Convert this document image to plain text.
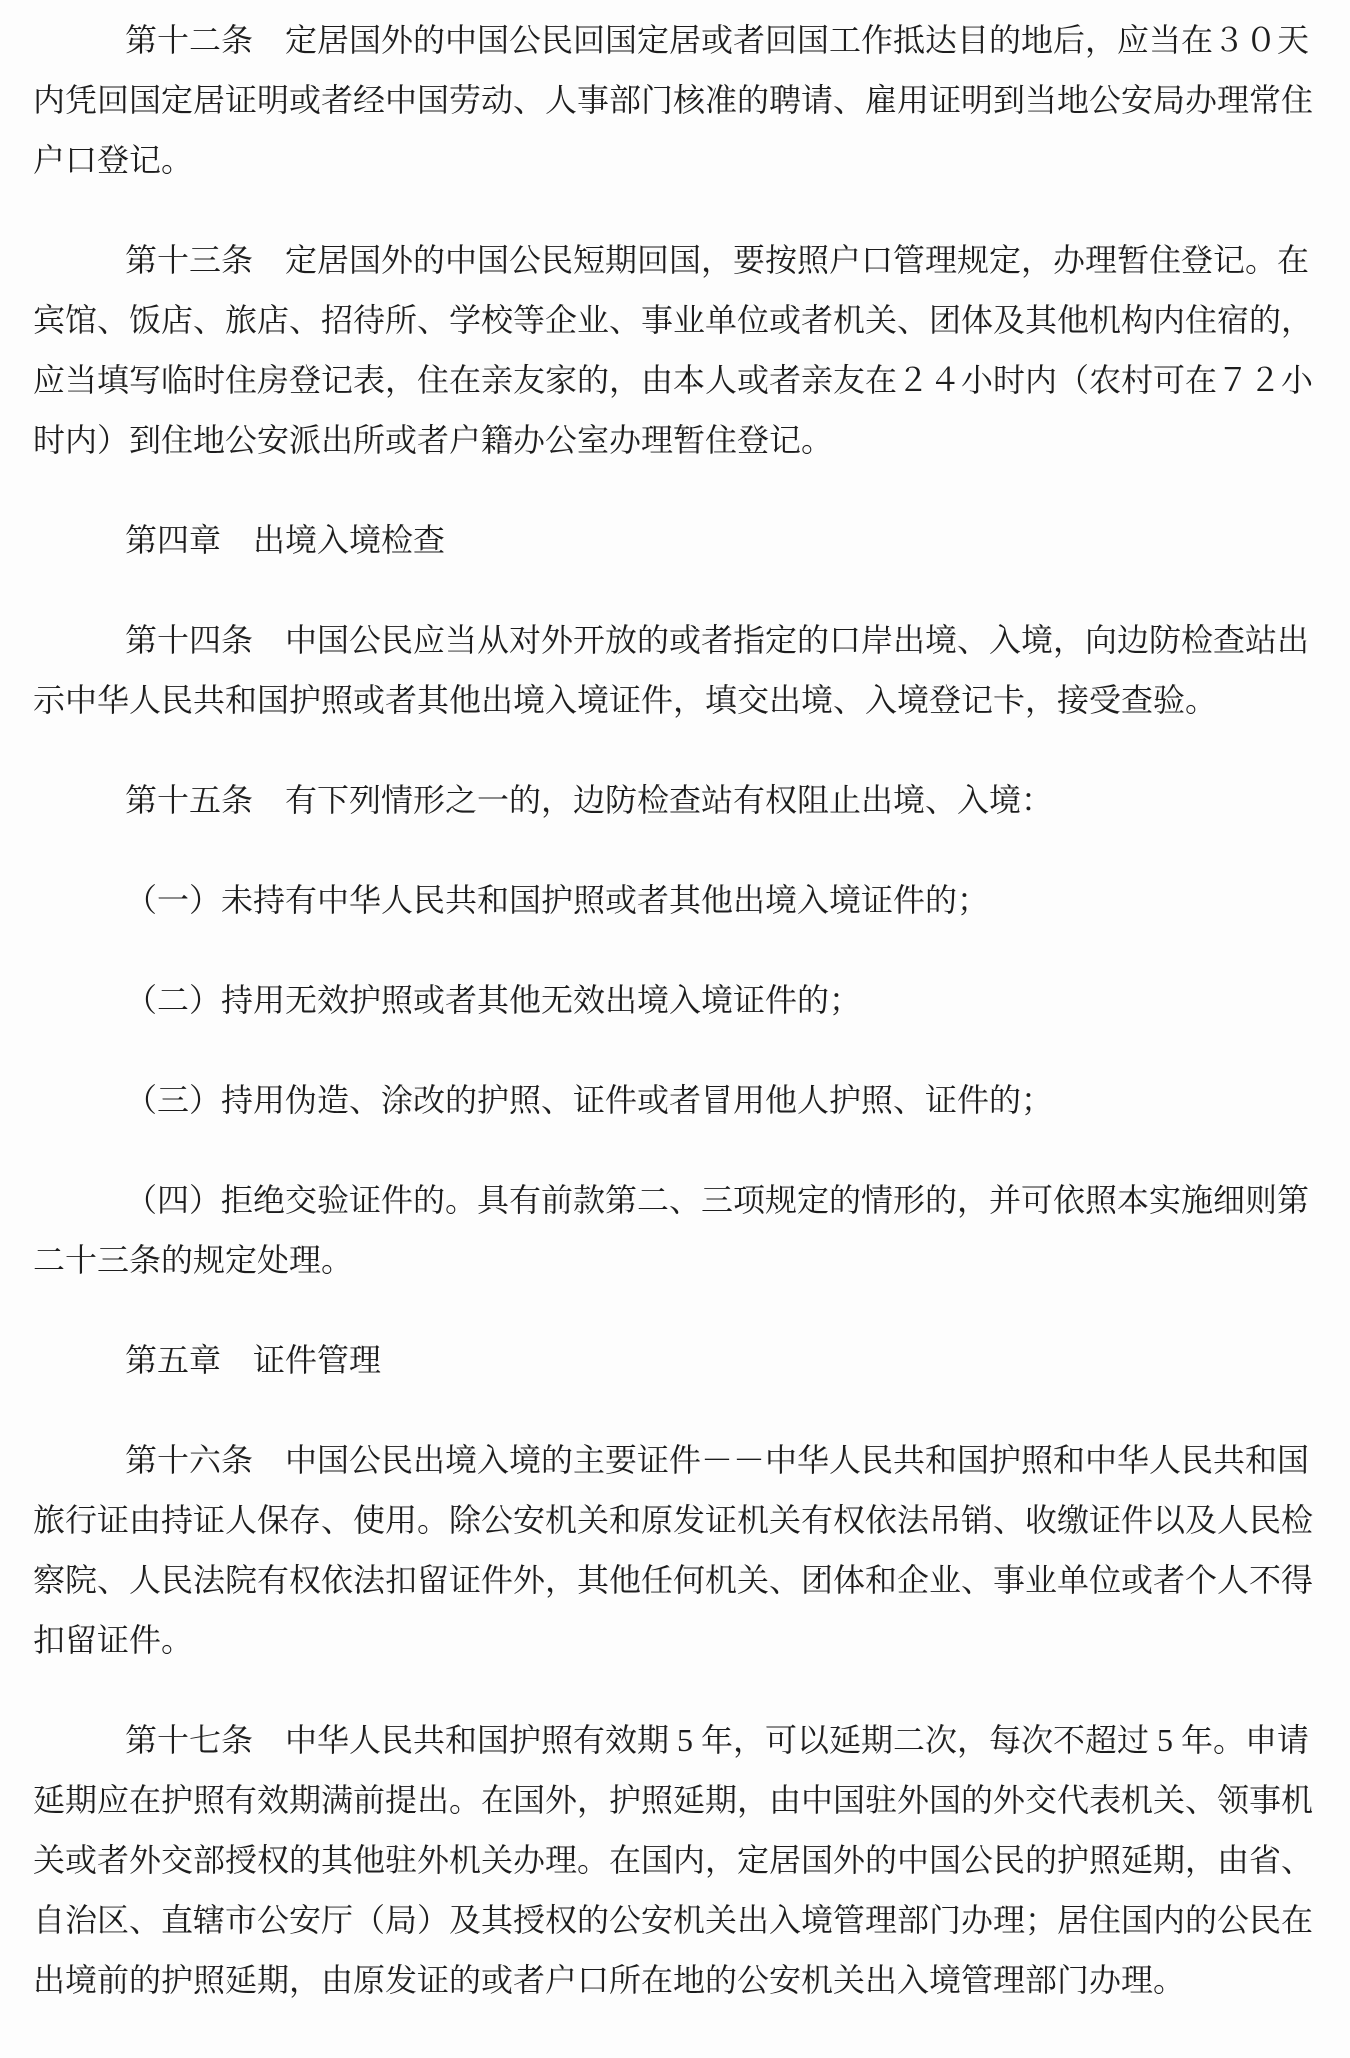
第十二条　定居国外的中国公民回国定居或者回国工作抵达目的地后，应当在３０天内凭回国定居证明或者经中国劳动、人事部门核准的聘请、雇用证明到当地公安局办理常住户口登记。

第十三条　定居国外的中国公民短期回国，要按照户口管理规定，办理暂住登记。在宾馆、饭店、旅店、招待所、学校等企业、事业单位或者机关、团体及其他机构内住宿的，应当填写临时住房登记表，住在亲友家的，由本人或者亲友在２４小时内（农村可在７２小时内）到住地公安派出所或者户籍办公室办理暂住登记。

第四章　出境入境检查

第十四条　中国公民应当从对外开放的或者指定的口岸出境、入境，向边防检查站出示中华人民共和国护照或者其他出境入境证件，填交出境、入境登记卡，接受查验。

第十五条　有下列情形之一的，边防检查站有权阻止出境、入境：

（一）未持有中华人民共和国护照或者其他出境入境证件的；

（二）持用无效护照或者其他无效出境入境证件的；

（三）持用伪造、涂改的护照、证件或者冒用他人护照、证件的；

（四）拒绝交验证件的。具有前款第二、三项规定的情形的，并可依照本实施细则第二十三条的规定处理。

第五章　证件管理

第十六条　中国公民出境入境的主要证件－－中华人民共和国护照和中华人民共和国旅行证由持证人保存、使用。除公安机关和原发证机关有权依法吊销、收缴证件以及人民检察院、人民法院有权依法扣留证件外，其他任何机关、团体和企业、事业单位或者个人不得扣留证件。

第十七条　中华人民共和国护照有效期 5 年，可以延期二次，每次不超过 5 年。申请延期应在护照有效期满前提出。在国外，护照延期，由中国驻外国的外交代表机关、领事机关或者外交部授权的其他驻外机关办理。在国内，定居国外的中国公民的护照延期，由省、自治区、直辖市公安厅（局）及其授权的公安机关出入境管理部门办理；居住国内的公民在出境前的护照延期，由原发证的或者户口所在地的公安机关出入境管理部门办理。
